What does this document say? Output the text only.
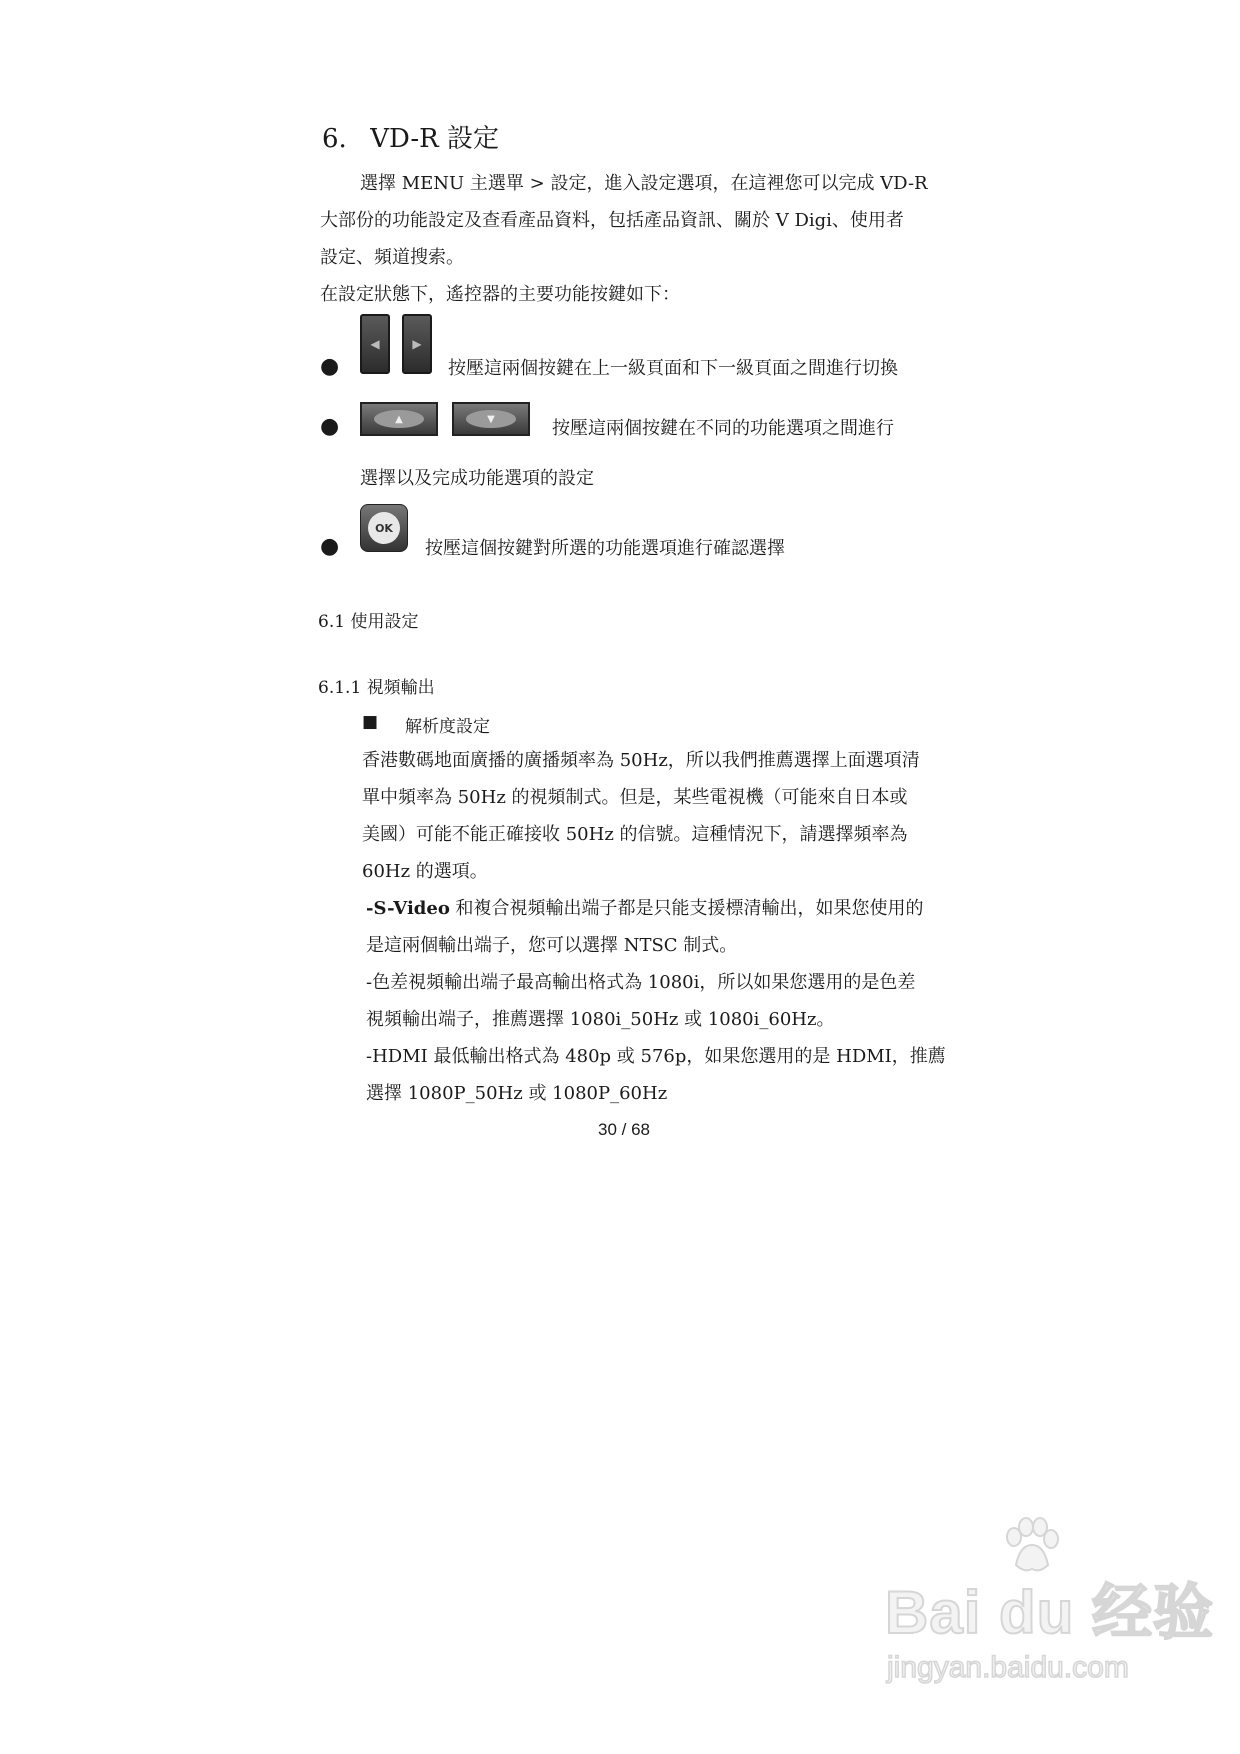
6. VD-R 設定
選擇 MENU 主選單 > 設定，進入設定選項，在這裡您可以完成 VD-R
大部份的功能設定及查看產品資料，包括產品資訊、關於 V Digi、使用者
設定、頻道搜索。
在設定狀態下，遙控器的主要功能按鍵如下：
●
◀	▶
按壓這兩個按鍵在上一級頁面和下一級頁面之間進行切換
●	▲	▼	按壓這兩個按鍵在不同的功能選項之間進行
選擇以及完成功能選項的設定
●
OK
按壓這個按鍵對所選的功能選項進行確認選擇
6.1 使用設定
6.1.1 視頻輸出
■ 解析度設定
香港數碼地面廣播的廣播頻率為 50Hz，所以我們推薦選擇上面選項清
單中頻率為 50Hz 的視頻制式。但是，某些電視機（可能來自日本或
美國）可能不能正確接收 50Hz 的信號。這種情況下，請選擇頻率為
60Hz 的選項。
-S-Video 和複合視頻輸出端子都是只能支援標清輸出，如果您使用的
是這兩個輸出端子，您可以選擇 NTSC 制式。
-色差視頻輸出端子最高輸出格式為 1080i，所以如果您選用的是色差
視頻輸出端子，推薦選擇 1080i_50Hz 或 1080i_60Hz。
-HDMI 最低輸出格式為 480p 或 576p，如果您選用的是 HDMI，推薦
選擇 1080P_50Hz 或 1080P_60Hz
30 / 68
Bai du 经验
jingyan.baidu.com
